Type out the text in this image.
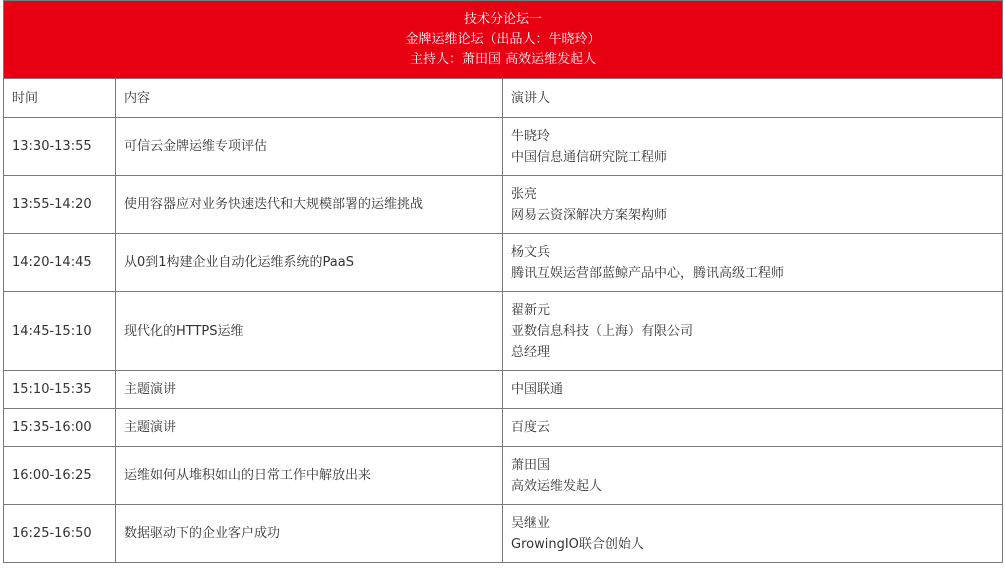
技术分论坛一
金牌运维论坛（出品人：牛晓玲）
主持人：萧田国 高效运维发起人		

时间	内容	演讲人
13:30-13:55	可信云金牌运维专项评估	牛晓玲
中国信息通信研究院工程师

13:55-14:20	使用容器应对业务快速迭代和大规模部署的运维挑战	张亮
网易云资深解决方案架构师

14:20-14:45	从0到1构建企业自动化运维系统的PaaS	杨文兵
腾讯互娱运营部蓝鲸产品中心，腾讯高级工程师

14:45-15:10	现代化的HTTPS运维	翟新元
亚数信息科技（上海）有限公司
总经理

15:10-15:35	主题演讲	中国联通

15:35-16:00	主题演讲	百度云

16:00-16:25	运维如何从堆积如山的日常工作中解放出来	萧田国
高效运维发起人

16:25-16:50	数据驱动下的企业客户成功	吴继业
GrowingIO联合创始人
